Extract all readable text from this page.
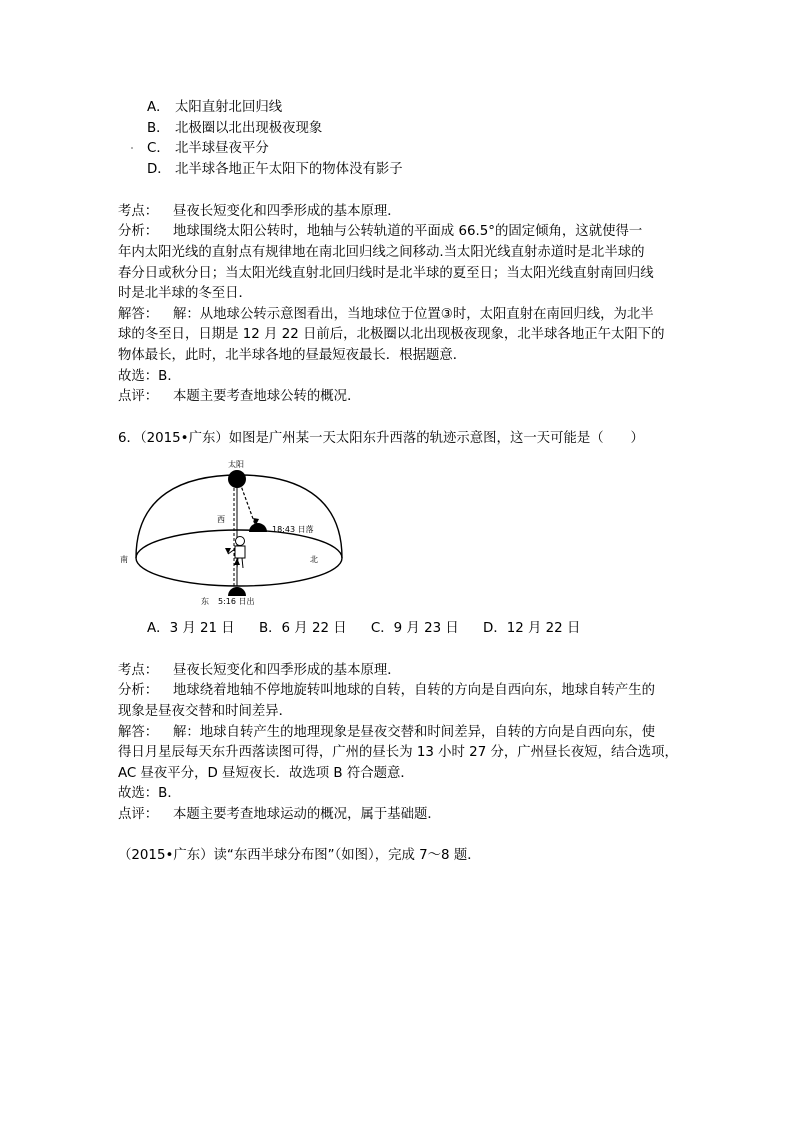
A． 太阳直射北回归线
B． 北极圈以北出现极夜现象
C． 北半球昼夜平分
D． 北半球各地正午太阳下的物体没有影子
考点： 昼夜长短变化和四季形成的基本原理．
分析： 地球围绕太阳公转时，地轴与公转轨道的平面成 66.5°的固定倾角，这就使得一
年内太阳光线的直射点有规律地在南北回归线之间移动.当太阳光线直射赤道时是北半球的
春分日或秋分日；当太阳光线直射北回归线时是北半球的夏至日；当太阳光线直射南回归线
时是北半球的冬至日．
解答： 解：从地球公转示意图看出，当地球位于位置③时，太阳直射在南回归线，为北半
球的冬至日，日期是 12 月 22 日前后，北极圈以北出现极夜现象，北半球各地正午太阳下的
物体最长，此时，北半球各地的昼最短夜最长．根据题意．
故选：B．
点评： 本题主要考查地球公转的概况．
6．（2015•广东）如图是广州某一天太阳东升西落的轨迹示意图，这一天可能是（　　）
太阳
西
南	北
18:43 日落
东 5:16 日出
A．3 月 21 日 B．6 月 22 日 C．9 月 23 日 D．12 月 22 日
考点： 昼夜长短变化和四季形成的基本原理．
分析： 地球绕着地轴不停地旋转叫地球的自转，自转的方向是自西向东，地球自转产生的
现象是昼夜交替和时间差异．
解答： 解：地球自转产生的地理现象是昼夜交替和时间差异，自转的方向是自西向东，使
得日月星辰每天东升西落读图可得，广州的昼长为 13 小时 27 分，广州昼长夜短，结合选项，
AC 昼夜平分，D 昼短夜长．故选项 B 符合题意．
故选：B．
点评： 本题主要考查地球运动的概况，属于基础题．
（2015•广东）读“东西半球分布图”（如图），完成 7～8 题．
